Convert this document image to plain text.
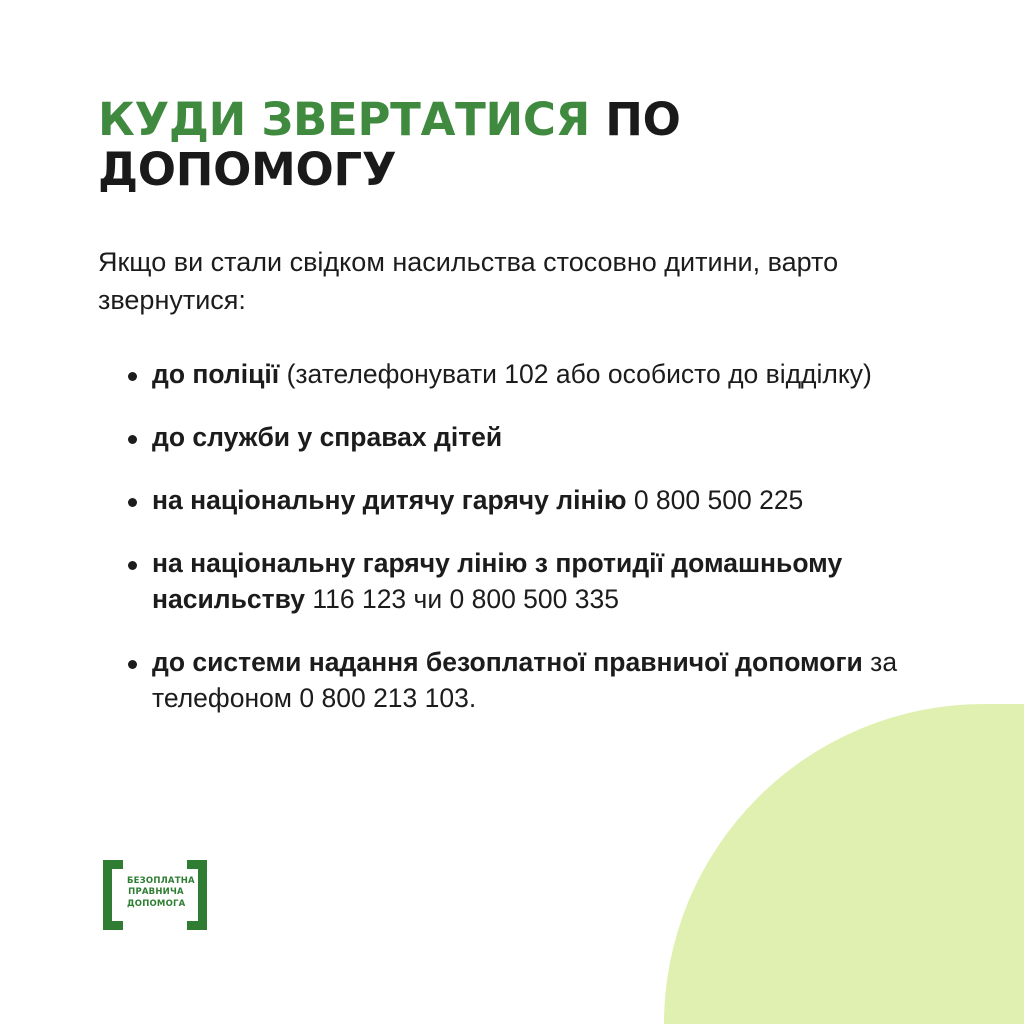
КУДИ ЗВЕРТАТИСЯ ПО ДОПОМОГУ

Якщо ви стали свідком насильства стосовно дитини, варто звернутися:

до поліції (зателефонувати 102 або особисто до відділку)
до служби у справах дітей
на національну дитячу гарячу лінію 0 800 500 225
на національну гарячу лінію з протидії домашньому насильству 116 123 чи 0 800 500 335
до системи надання безоплатної правничої допомоги за телефоном 0 800 213 103.
БЕЗОПЛАТНА
ПРАВНИЧА
ДОПОМОГА
